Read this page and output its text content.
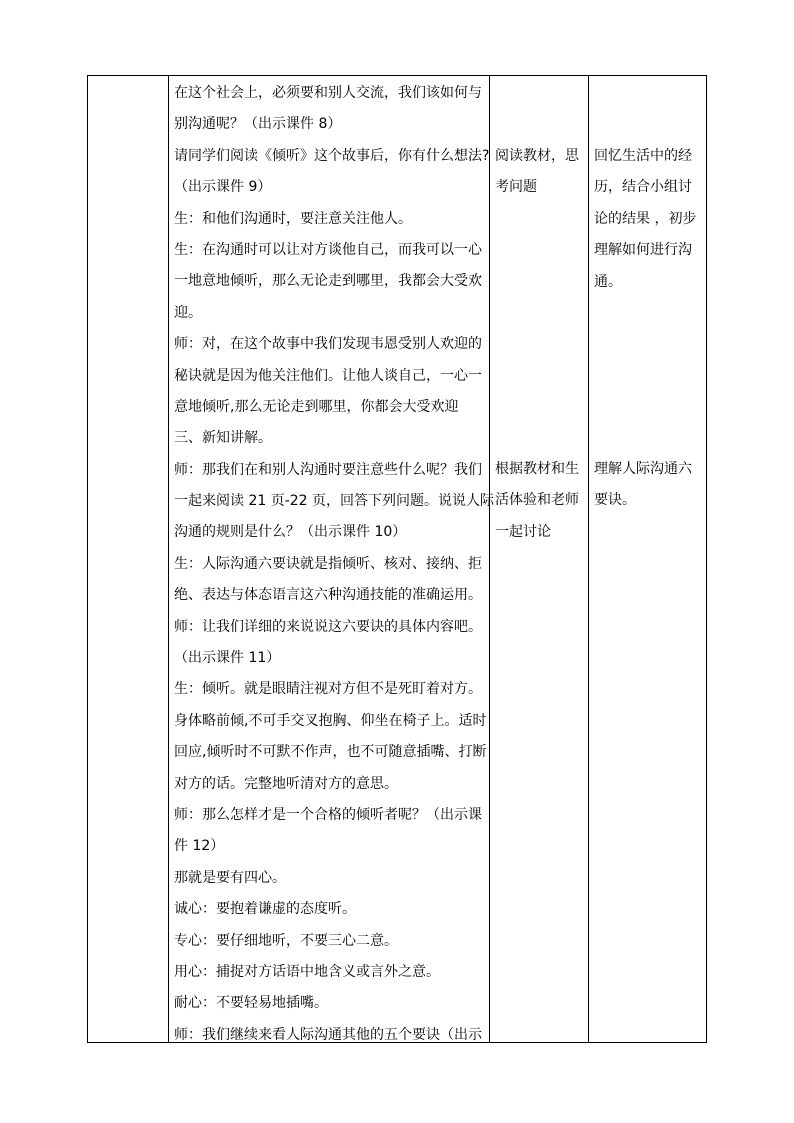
在这个社会上，必须要和别人交流，我们该如何与
别沟通呢？（出示课件 8）
请同学们阅读《倾听》这个故事后，你有什么想法?
（出示课件 9）
生：和他们沟通时，要注意关注他人。
生：在沟通时可以让对方谈他自己，而我可以一心
一地意地倾听，那么无论走到哪里，我都会大受欢
迎。
师：对，在这个故事中我们发现韦恩受别人欢迎的
秘诀就是因为他关注他们。让他人谈自己，一心一
意地倾听,那么无论走到哪里，你都会大受欢迎
三、新知讲解。
师：那我们在和别人沟通时要注意些什么呢？我们
一起来阅读 21 页-22 页，回答下列问题。说说人际
沟通的规则是什么？（出示课件 10）
生：人际沟通六要诀就是指倾听、核对、接纳、拒
绝、表达与体态语言这六种沟通技能的准确运用。
师：让我们详细的来说说这六要诀的具体内容吧。
（出示课件 11）
生：倾听。就是眼睛注视对方但不是死盯着对方。
身体略前倾,不可手交叉抱胸、仰坐在椅子上。适时
回应,倾听时不可默不作声，也不可随意插嘴、打断
对方的话。完整地听清对方的意思。
师：那么怎样才是一个合格的倾听者呢？（出示课
件 12）
那就是要有四心。
诚心：要抱着谦虚的态度听。
专心：要仔细地听，不要三心二意。
用心：捕捉对方话语中地含义或言外之意。
耐心：不要轻易地插嘴。
师：我们继续来看人际沟通其他的五个要诀（出示
阅读教材，思
考问题
根据教材和生
活体验和老师
一起讨论
回忆生活中的经
历，结合小组讨
论的结果 ，初步
理解如何进行沟
通。
理解人际沟通六
要诀。
